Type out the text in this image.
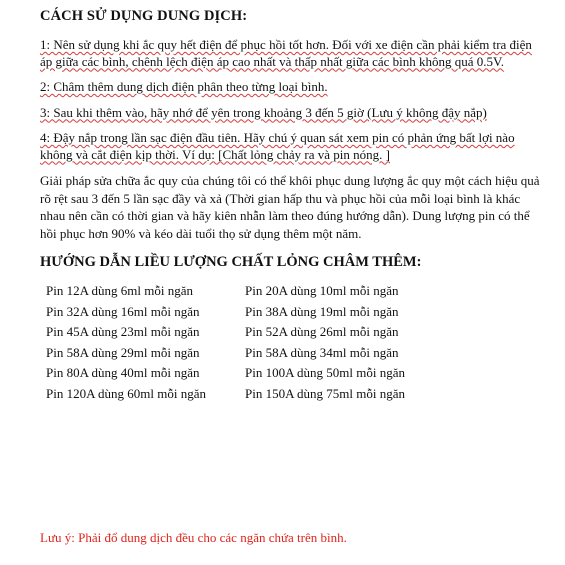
CÁCH SỬ DỤNG DUNG DỊCH:
1: Nên sử dụng khi ắc quy hết điện để phục hồi tốt hơn. Đối với xe điện cần phải kiểm tra điện áp giữa các bình, chênh lệch điện áp cao nhất và thấp nhất giữa các bình không quá 0.5V.
2: Châm thêm dung dịch điện phân theo từng loại bình.
3: Sau khi thêm vào, hãy nhớ để yên trong khoảng 3 đến 5 giờ (Lưu ý không đậy nắp)
4: Đậy nắp trong lần sạc điện đầu tiên. Hãy chú ý quan sát xem pin có phản ứng bất lợi nào không và cắt điện kịp thời. Ví dụ: [Chất lỏng chảy ra và pin nóng. ]
Giải pháp sửa chữa ắc quy của chúng tôi có thể khôi phục dung lượng ắc quy một cách hiệu quả rõ rệt sau 3 đến 5 lần sạc đầy và xả (Thời gian hấp thu và phục hồi của mỗi loại bình là khác nhau nên cần có thời gian và hãy kiên nhẫn làm theo đúng hướng dẫn). Dung lượng pin có thể hồi phục hơn 90% và kéo dài tuổi thọ sử dụng thêm một năm.
HƯỚNG DẪN LIỀU LƯỢNG CHẤT LỎNG CHÂM THÊM:
Pin 12A dùng 6ml mỗi ngăn	Pin 20A dùng 10ml mỗi ngăn
Pin 32A dùng 16ml mỗi ngăn	Pin 38A dùng 19ml mỗi ngăn
Pin 45A dùng 23ml mỗi ngăn	Pin 52A dùng 26ml mỗi ngăn
Pin 58A dùng 29ml mỗi ngăn	Pin 58A dùng 34ml mỗi ngăn
Pin 80A dùng 40ml mỗi ngăn	Pin 100A dùng 50ml mỗi ngăn
Pin 120A dùng 60ml mỗi ngăn	Pin 150A dùng 75ml mỗi ngăn
Lưu ý: Phải đổ dung dịch đều cho các ngăn chứa trên bình.
